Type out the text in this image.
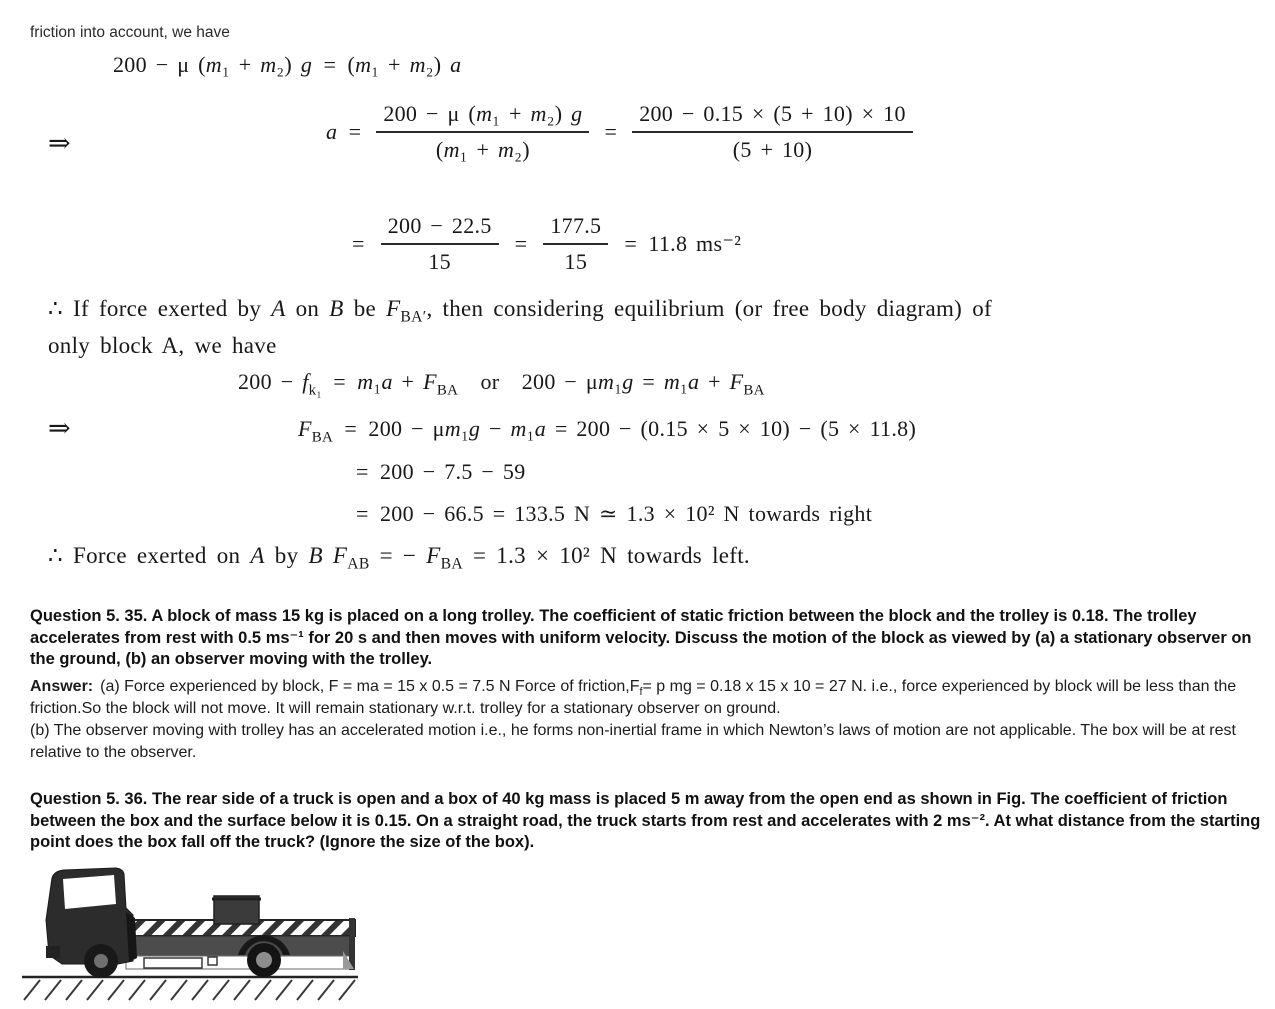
friction into account, we have

200 − μ (m₁ + m₂) g = (m₁ + m₂) a
⇒	a = $\frac{\text{200 − μ (m₁ + m₂) g}}{\text{(m₁ + m₂)}} = \frac{200 - 0.15 \times (5 + 10) \times 10}{(5 + 10)}$
= $\frac{200 - 22.5}{15} = \frac{177.5}{15}$ = 11.8 ms⁻²

∴ If force exerted by A on B be $F_{BA'}$, then considering equilibrium (or free body diagram) of only block A, we have

$200 - f_{k_1}$ = $m_1a + F_{BA}$ or $200 - \mu m_1g = m_1a + F_{BA}$
⇒	$F_{BA}$ = 200 − μm₁g − m₁a = 200 − (0.15 × 5 × 10) − (5 × 11.8)
= 200 − 7.5 − 59
= 200 − 66.5 = 133.5 N ≃ 1.3 × 10² N towards right

∴ Force exerted on A by B $F_{AB}$ = − $F_{BA} = 1.3 \times 10^2$ N towards left.

Question 5. 35. A block of mass 15 kg is placed on a long trolley. The coefficient of static friction between the block and the trolley is 0.18. The trolley accelerates from rest with 0.5 ms⁻¹ for 20 s and then moves with uniform velocity. Discuss the motion of the block as viewed by (a) a stationary observer on the ground, (b) an observer moving with the trolley.

Answer: (a) Force experienced by block, F = ma = 15 x 0.5 = 7.5 N Force of $friction,F_f= p$ mg = 0.18 x 15 x 10 = 27 N. i.e., force experienced by block will be less than the friction.So the block will not move. It will remain stationary w.r.t. trolley for a stationary observer on ground.

(b) The observer moving with trolley has an accelerated motion i.e., he forms non-inertial frame in which Newton’s laws of motion are not applicable. The box will be at rest relative to the observer.

Question 5. 36. The rear side of a truck is open and a box of 40 kg mass is placed 5 m away from the open end as shown in Fig. The coefficient of friction between the box and the surface below it is 0.15. On a straight road, the truck starts from rest and accelerates with 2 ms⁻². At what distance from the starting point does the box fall off the truck? (Ignore the size of the box).
